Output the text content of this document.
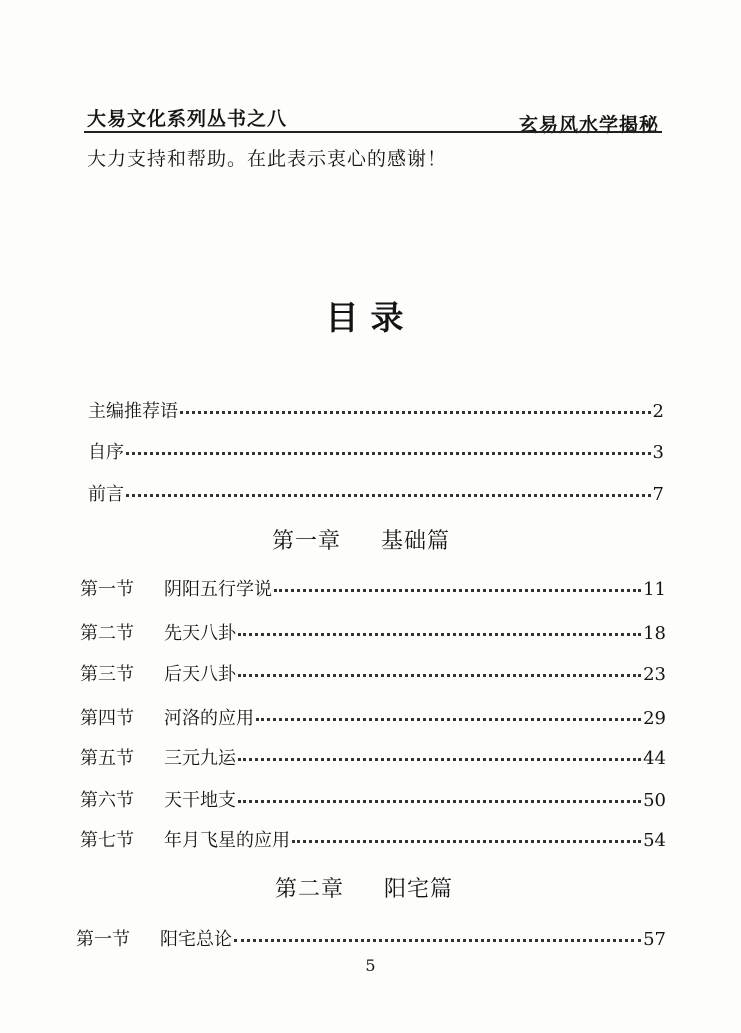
大易文化系列丛书之八	玄易风水学揭秘
大力支持和帮助。在此表示衷心的感谢！
目录
主编推荐语	2
自序	3
前言	7
第一章 基础篇
第一节	阴阳五行学说	11
第二节	先天八卦	18
第三节	后天八卦	23
第四节	河洛的应用	29
第五节	三元九运	44
第六节	天干地支	50
第七节	年月飞星的应用	54
第二章 阳宅篇
第一节	阳宅总论	57
5
